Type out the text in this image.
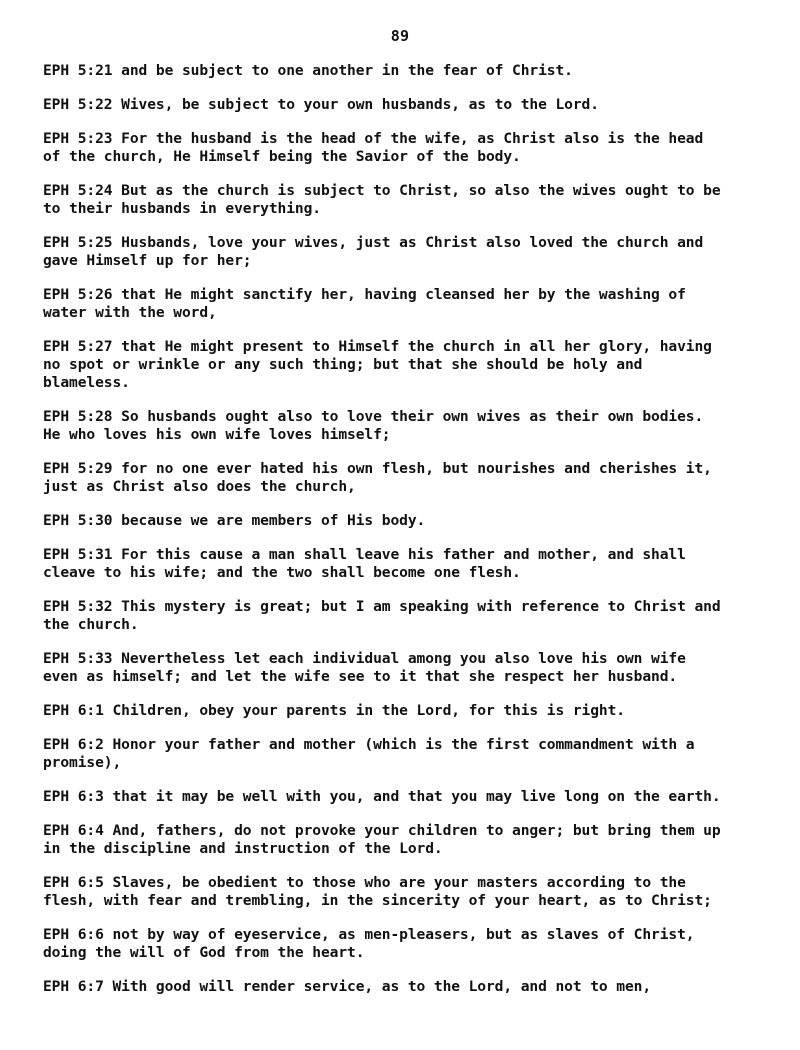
89
EPH 5:21 and be subject to one another in the fear of Christ.
EPH 5:22 Wives, be subject to your own husbands, as to the Lord.
EPH 5:23 For the husband is the head of the wife, as Christ also is the head
of the church, He Himself being the Savior of the body.
EPH 5:24 But as the church is subject to Christ, so also the wives ought to be
to their husbands in everything.
EPH 5:25 Husbands, love your wives, just as Christ also loved the church and
gave Himself up for her;
EPH 5:26 that He might sanctify her, having cleansed her by the washing of
water with the word,
EPH 5:27 that He might present to Himself the church in all her glory, having
no spot or wrinkle or any such thing; but that she should be holy and
blameless.
EPH 5:28 So husbands ought also to love their own wives as their own bodies.
He who loves his own wife loves himself;
EPH 5:29 for no one ever hated his own flesh, but nourishes and cherishes it,
just as Christ also does the church,
EPH 5:30 because we are members of His body.
EPH 5:31 For this cause a man shall leave his father and mother, and shall
cleave to his wife; and the two shall become one flesh.
EPH 5:32 This mystery is great; but I am speaking with reference to Christ and
the church.
EPH 5:33 Nevertheless let each individual among you also love his own wife
even as himself; and let the wife see to it that she respect her husband.
EPH 6:1 Children, obey your parents in the Lord, for this is right.
EPH 6:2 Honor your father and mother (which is the first commandment with a
promise),
EPH 6:3 that it may be well with you, and that you may live long on the earth.
EPH 6:4 And, fathers, do not provoke your children to anger; but bring them up
in the discipline and instruction of the Lord.
EPH 6:5 Slaves, be obedient to those who are your masters according to the
flesh, with fear and trembling, in the sincerity of your heart, as to Christ;
EPH 6:6 not by way of eyeservice, as men-pleasers, but as slaves of Christ,
doing the will of God from the heart.
EPH 6:7 With good will render service, as to the Lord, and not to men,
